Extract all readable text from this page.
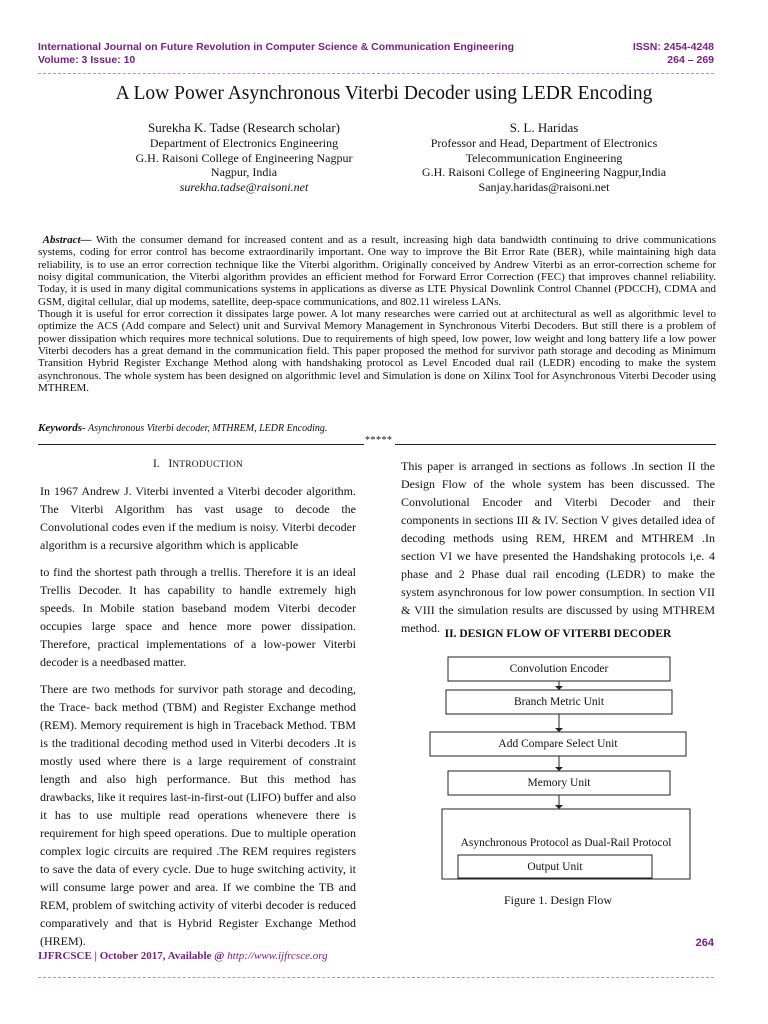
International Journal on Future Revolution in Computer Science & Communication Engineering
Volume: 3 Issue: 10
ISSN: 2454-4248
264 – 269
A Low Power Asynchronous Viterbi Decoder using LEDR Encoding
Surekha K. Tadse (Research scholar)
Department of Electronics Engineering
G.H. Raisoni College of Engineering Nagpur
Nagpur, India
surekha.tadse@raisoni.net
S. L. Haridas
Professor and Head, Department of Electronics
Telecommunication Engineering
G.H. Raisoni College of Engineering Nagpur,India
Sanjay.haridas@raisoni.net

Abstract— With the consumer demand for increased content and as a result, increasing high data bandwidth continuing to drive communications systems, coding for error control has become extraordinarily important. One way to improve the Bit Error Rate (BER), while maintaining high data reliability, is to use an error correction technique like the Viterbi algorithm. Originally conceived by Andrew Viterbi as an error-correction scheme for noisy digital communication, the Viterbi algorithm provides an efficient method for Forward Error Correction (FEC) that improves channel reliability. Today, it is used in many digital communications systems in applications as diverse as LTE Physical Downlink Control Channel (PDCCH), CDMA and GSM, digital cellular, dial up modems, satellite, deep-space communications, and 802.11 wireless LANs.

Though it is useful for error correction it dissipates large power. A lot many researches were carried out at architectural as well as algorithmic level to optimize the ACS (Add compare and Select) unit and Survival Memory Management in Synchronous Viterbi Decoders. But still there is a problem of power dissipation which requires more technical solutions. Due to requirements of high speed, low power, low weight and long battery life a low power Viterbi decoders has a great demand in the communication field. This paper proposed the method for survivor path storage and decoding as Minimum Transition Hybrid Register Exchange Method along with handshaking protocol as Level Encoded dual rail (LEDR) encoding to make the system asynchronous. The whole system has been designed on algorithmic level and Simulation is done on Xilinx Tool for Asynchronous Viterbi Decoder using MTHREM.

Keywords- Asynchronous Viterbi decoder, MTHREM, LEDR Encoding.
*****
I. INTRODUCTION

In 1967 Andrew J. Viterbi invented a Viterbi decoder algorithm. The Viterbi Algorithm has vast usage to decode the Convolutional codes even if the medium is noisy. Viterbi decoder algorithm is a recursive algorithm which is applicable

to find the shortest path through a trellis. Therefore it is an ideal Trellis Decoder. It has capability to handle extremely high speeds. In Mobile station baseband modem Viterbi decoder occupies large space and hence more power dissipation. Therefore, practical implementations of a low-power Viterbi decoder is a needbased matter.

There are two methods for survivor path storage and decoding, the Trace- back method (TBM) and Register Exchange method (REM). Memory requirement is high in Traceback Method. TBM is the traditional decoding method used in Viterbi decoders .It is mostly used where there is a large requirement of constraint length and also high performance. But this method has drawbacks, like it requires last-in-first-out (LIFO) buffer and also it has to use multiple read operations whenevere there is requirement for high speed operations. Due to multiple operation complex logic circuits are required .The REM requires registers to save the data of every cycle. Due to huge switching activity, it will consume large power and area. If we combine the TB and REM, problem of switching activity of viterbi decoder is reduced comparatively and that is Hybrid Register Exchange Method (HREM).

This paper is arranged in sections as follows .In section II the Design Flow of the whole system has been discussed. The Convolutional Encoder and Viterbi Decoder and their components in sections III & IV. Section V gives detailed idea of decoding methods using REM, HREM and MTHREM .In section VI we have presented the Handshaking protocols i,e. 4 phase and 2 Phase dual rail encoding (LEDR) to make the system asynchronous for low power consumption. In section VII & VIII the simulation results are discussed by using MTHREM method. II. DESIGN FLOW OF VITERBI DECODER
Convolution Encoder
Branch Metric Unit
Add Compare Select Unit
Memory Unit
Asynchronous Protocol as Dual-Rail Protocol
Output Unit
Figure 1. Design Flow
264
IJFRCSCE | October 2017, Available @ http://www.ijfrcsce.org
